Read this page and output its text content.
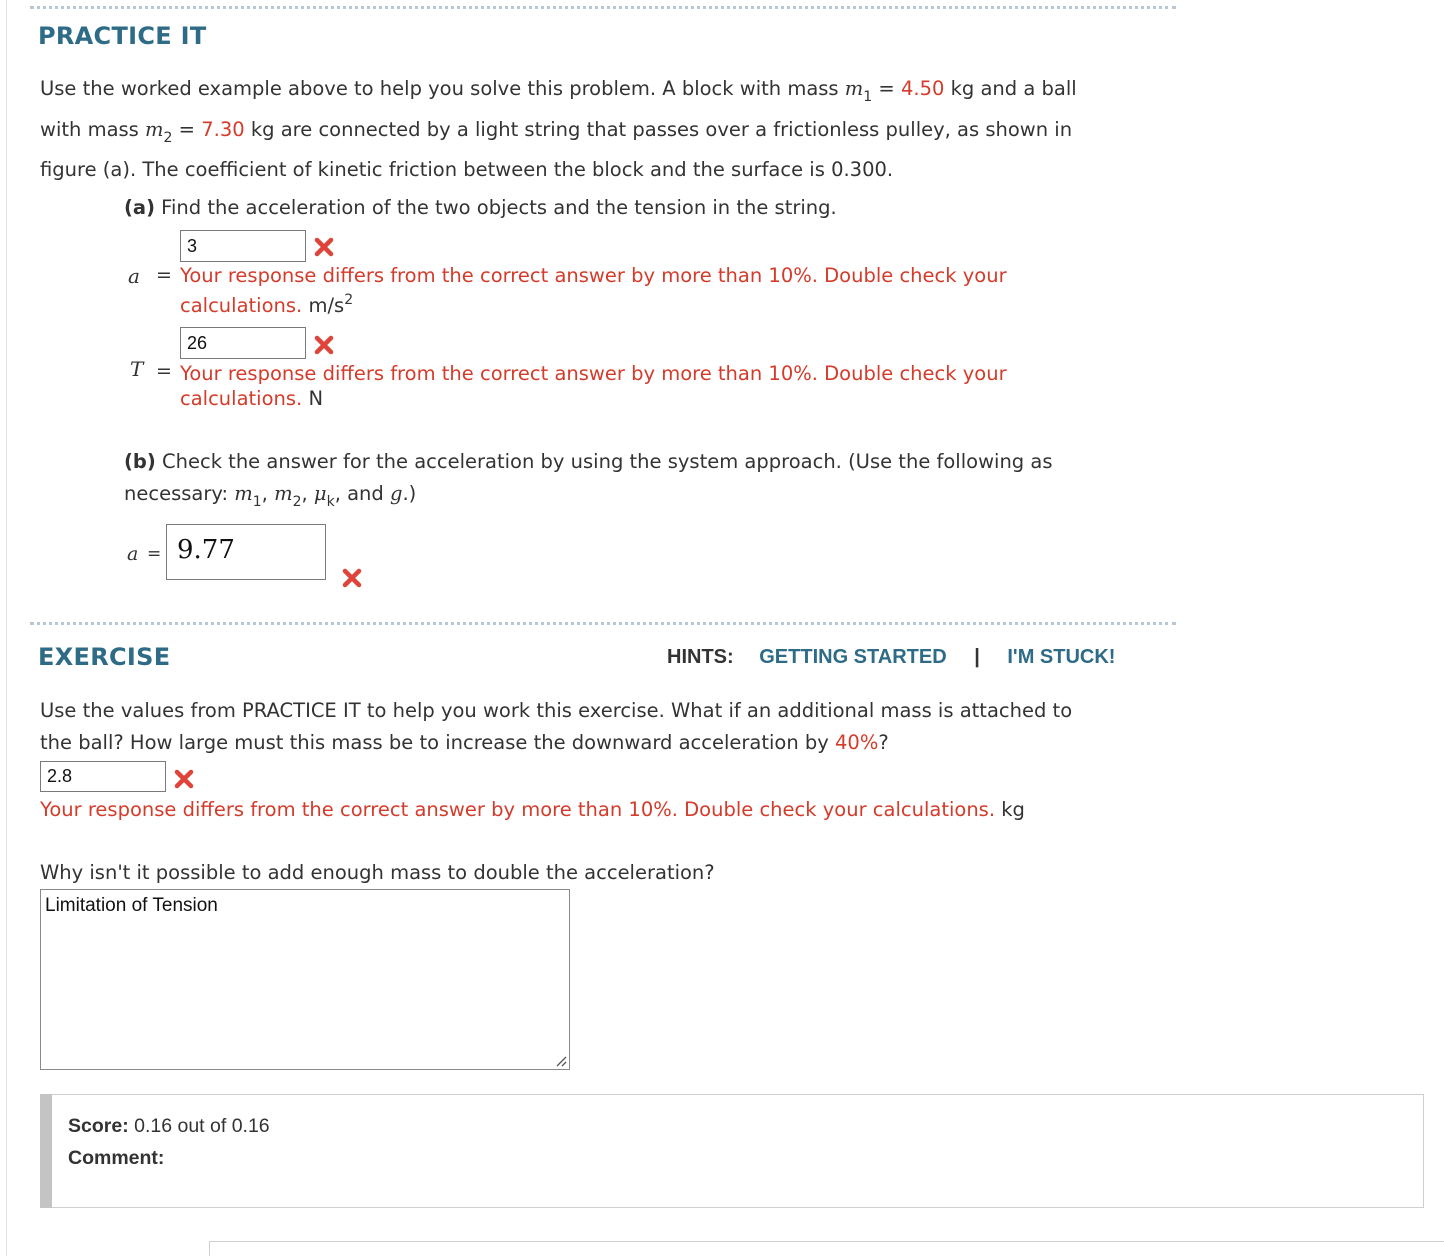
PRACTICE IT
Use the worked example above to help you solve this problem. A block with mass $m_1 = 4.50$ kg and a ball
with mass $m_2 = 7.30$ kg are connected by a light string that passes over a frictionless pulley, as shown in
figure (a). The coefficient of kinetic friction between the block and the surface is 0.300.
(a) Find the acceleration of the two objects and the tension in the string.
3
a = Your response differs from the correct answer by more than 10%. Double check your
calculations. $m/s^2$
26
T = Your response differs from the correct answer by more than 10%. Double check your
calculations. N
(b) Check the answer for the acceleration by using the system approach. (Use the following as
necessary: $m_1$, $m_2$, $\mu_k$, and g.)
a = 9.77
EXERCISE	HINTS: GETTING STARTED | I'M STUCK!
Use the values from PRACTICE IT to help you work this exercise. What if an additional mass is attached to
the ball? How large must this mass be to increase the downward acceleration by 40%?
2.8
Your response differs from the correct answer by more than 10%. Double check your calculations. kg
Why isn't it possible to add enough mass to double the acceleration?
Limitation of Tension
Score: 0.16 out of 0.16
Comment:
